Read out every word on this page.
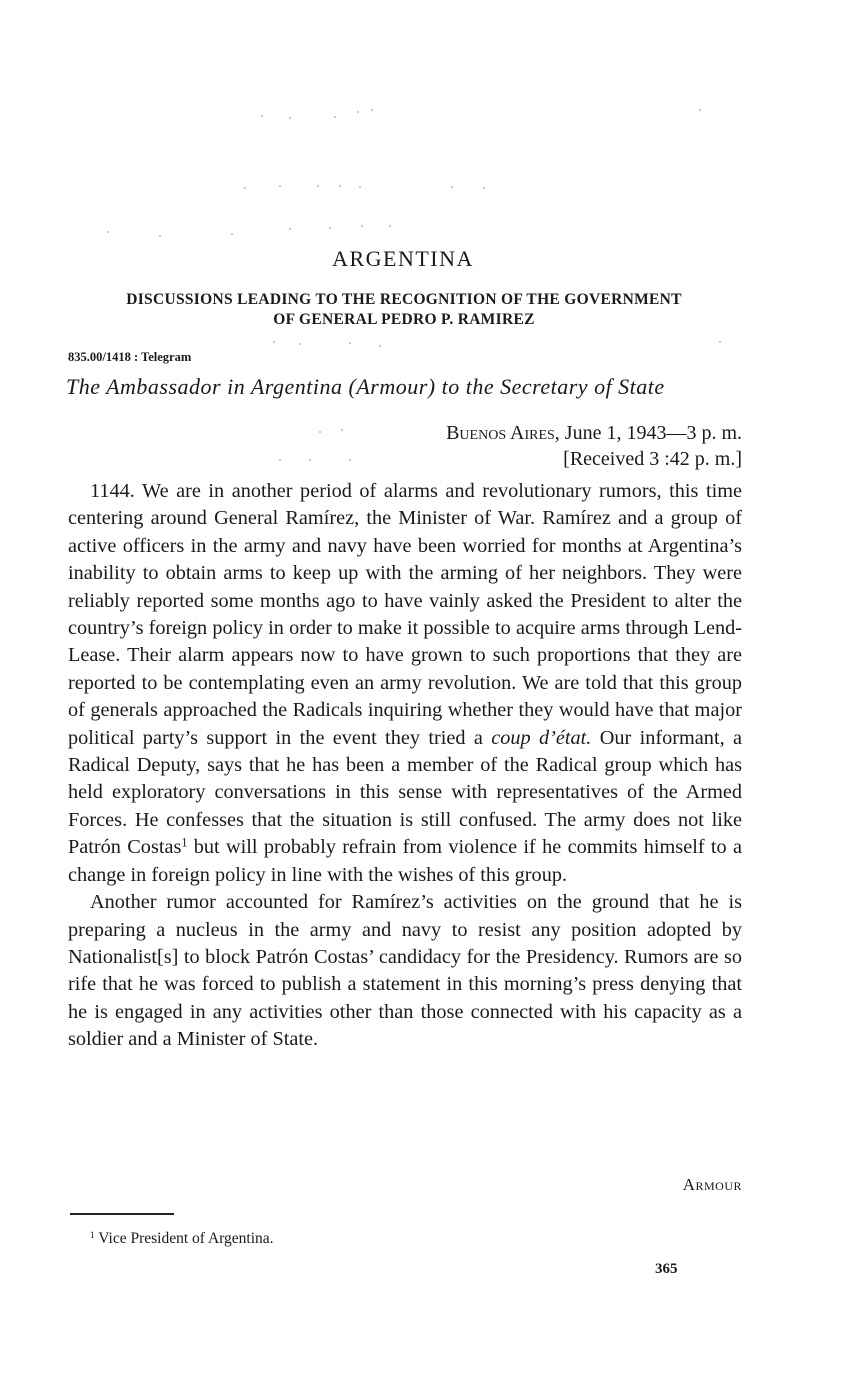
ARGENTINA
DISCUSSIONS LEADING TO THE RECOGNITION OF THE GOVERNMENT
OF GENERAL PEDRO P. RAMIREZ
835.00/1418 : Telegram
The Ambassador in Argentina (Armour) to the Secretary of State
Buenos Aires, June 1, 1943—3 p. m.
[Received 3 :42 p. m.]

1144. We are in another period of alarms and revolutionary rumors, this time centering around General Ramírez, the Minister of War. Ramírez and a group of active officers in the army and navy have been worried for months at Argentina’s inability to obtain arms to keep up with the arming of her neighbors. They were reliably reported some months ago to have vainly asked the President to alter the country’s foreign policy in order to make it possible to acquire arms through Lend-Lease. Their alarm appears now to have grown to such proportions that they are reported to be contemplating even an army revolution. We are told that this group of generals approached the Radicals inquiring whether they would have that major political party’s support in the event they tried a coup d’état. Our informant, a Radical Deputy, says that he has been a member of the Radical group which has held exploratory conversations in this sense with representatives of the Armed Forces. He confesses that the situation is still confused. The army does not like Patrón Costas$^1$ but will probably refrain from violence if he commits himself to a change in foreign policy in line with the wishes of this group.

Another rumor accounted for Ramírez’s activities on the ground that he is preparing a nucleus in the army and navy to resist any position adopted by Nationalist[s] to block Patrón Costas’ candidacy for the Presidency. Rumors are so rife that he was forced to publish a statement in this morning’s press denying that he is engaged in any activities other than those connected with his capacity as a soldier and a Minister of State.

Armour
$^1$ Vice President of Argentina.
365
